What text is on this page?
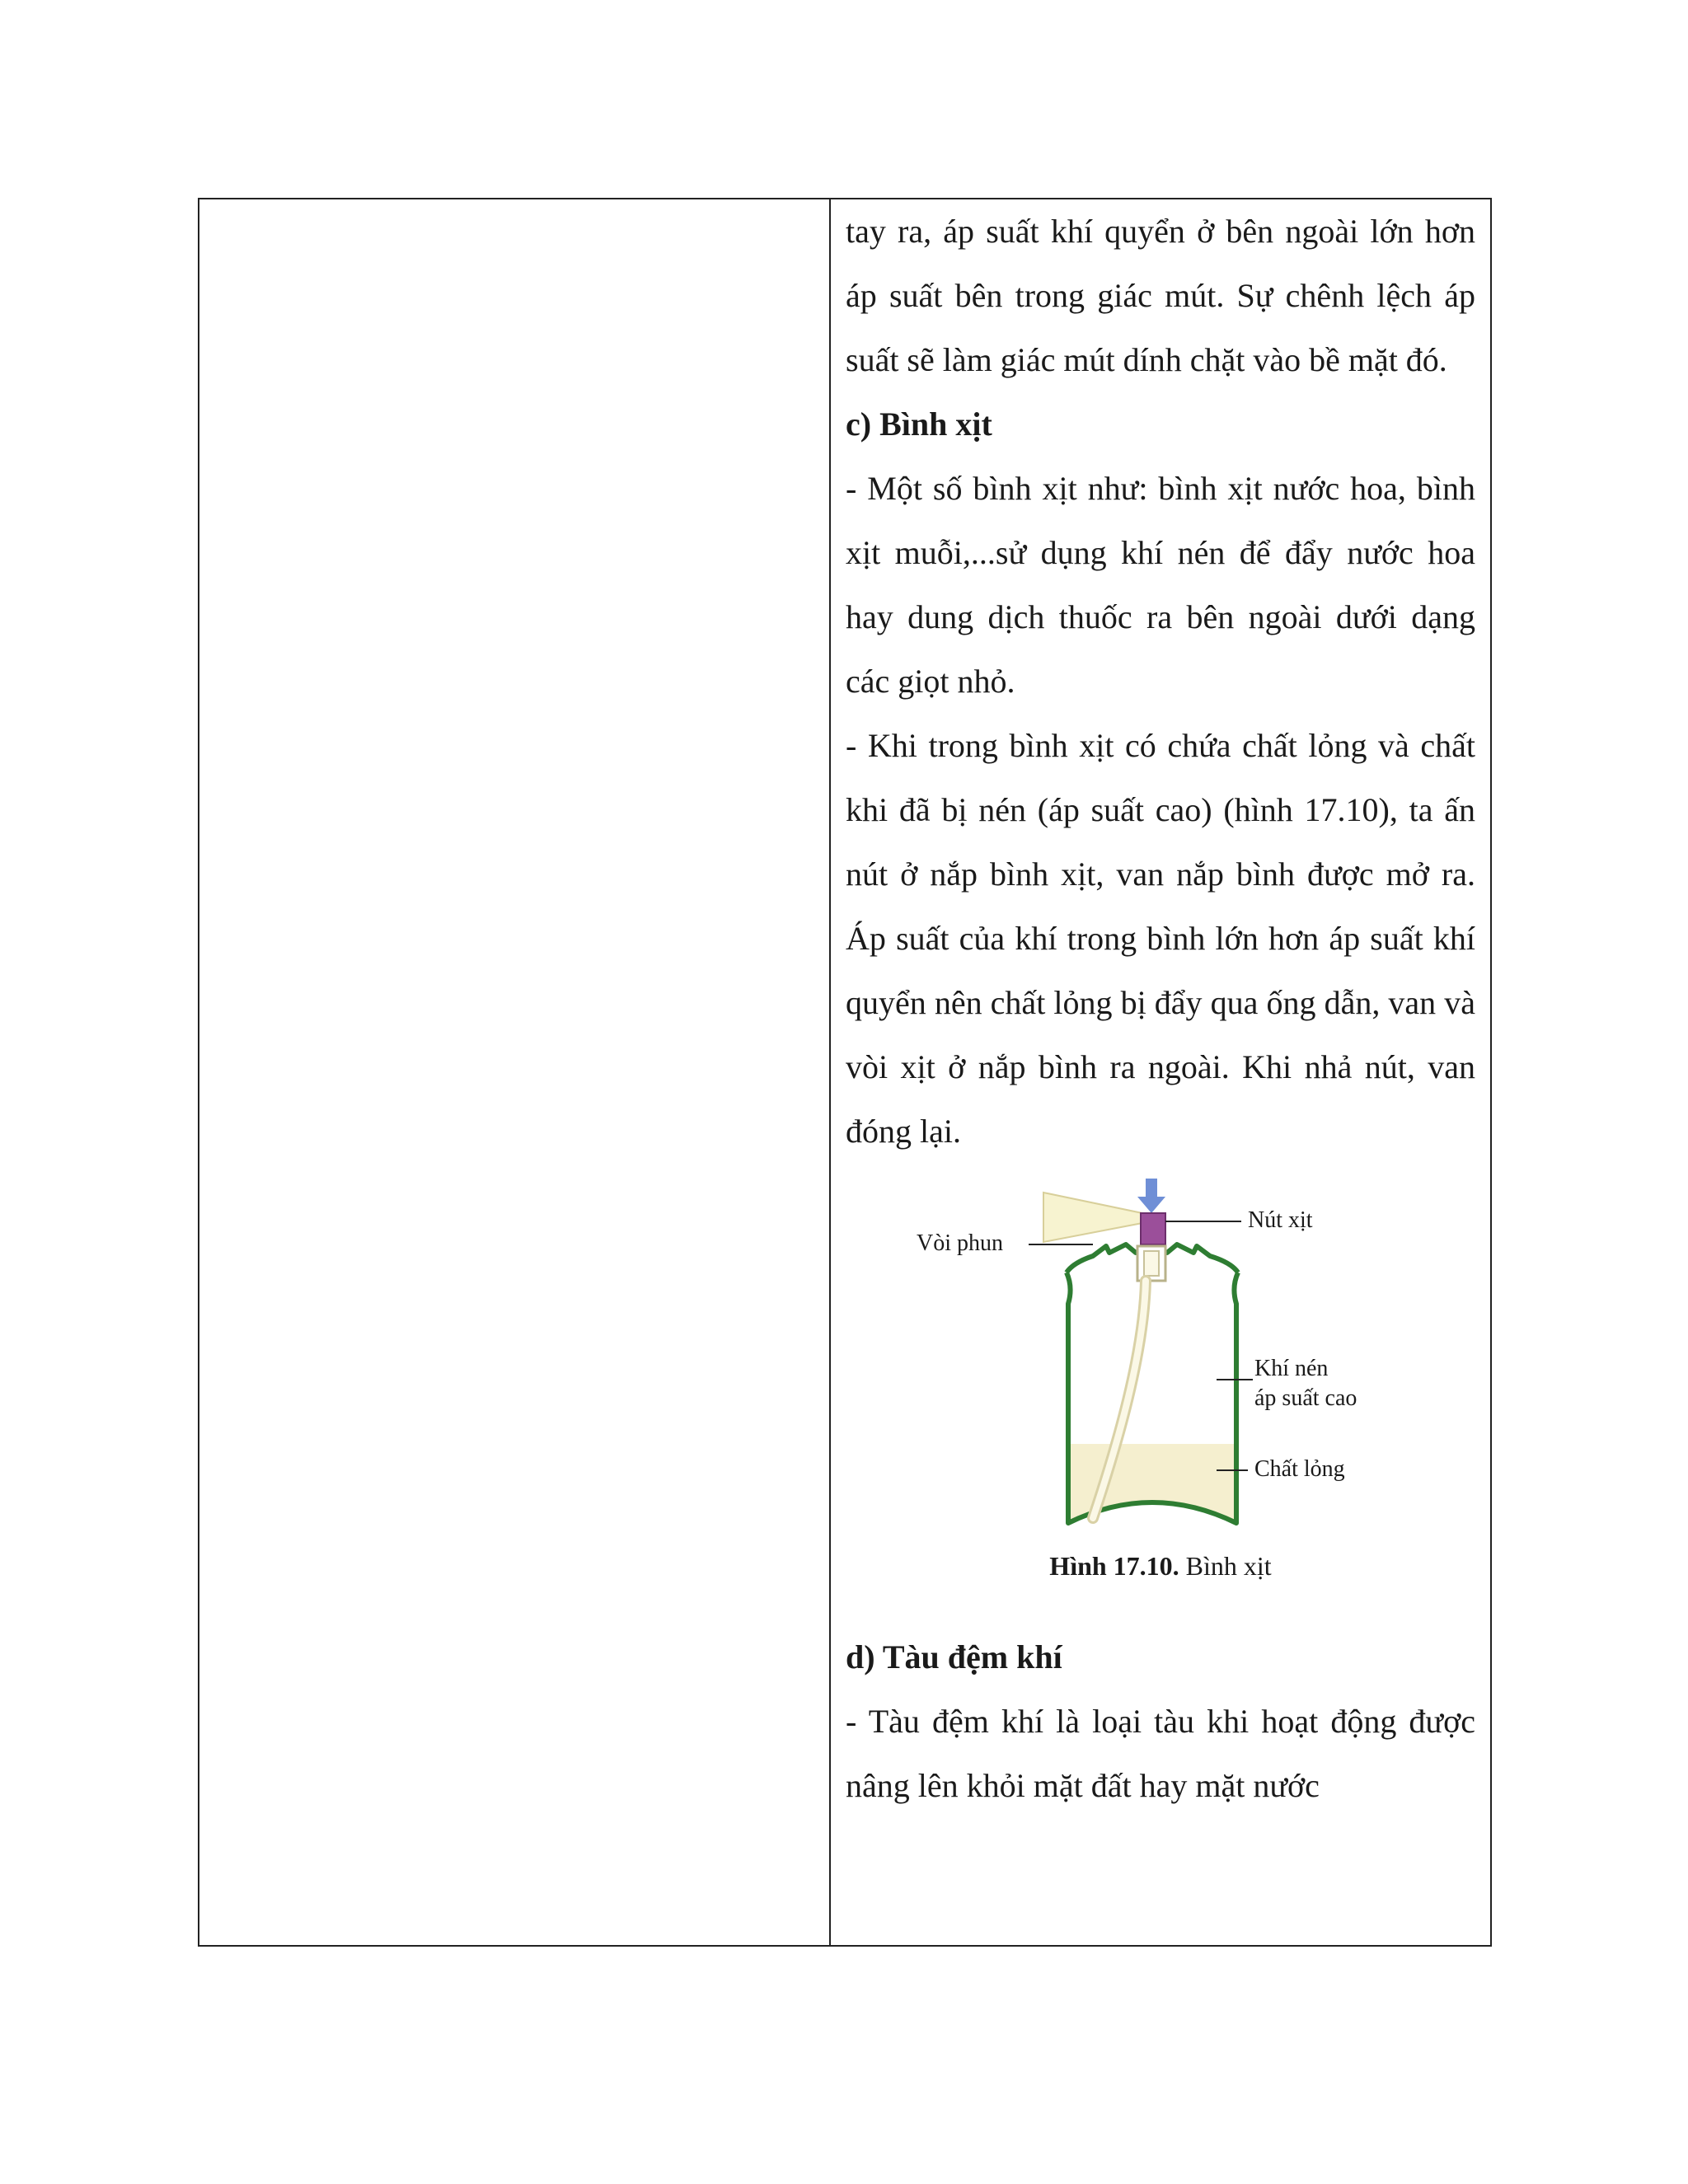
tay ra, áp suất khí quyển ở bên ngoài lớn hơn áp suất bên trong giác mút. Sự chênh lệch áp suất sẽ làm giác mút dính chặt vào bề mặt đó.

c) Bình xịt

- Một số bình xịt như: bình xịt nước hoa, bình xịt muỗi,...sử dụng khí nén để đẩy nước hoa hay dung dịch thuốc ra bên ngoài dưới dạng các giọt nhỏ.

- Khi trong bình xịt có chứa chất lỏng và chất khi đã bị nén (áp suất cao) (hình 17.10), ta ấn nút ở nắp bình xịt, van nắp bình được mở ra. Áp suất của khí trong bình lớn hơn áp suất khí quyển nên chất lỏng bị đẩy qua ống dẫn, van và vòi xịt ở nắp bình ra ngoài. Khi nhả nút, van đóng lại.

Vòi phun
Nút xịt
Khí nén
áp suất cao
Chất lỏng
Hình 17.10. Bình xịt

d) Tàu đệm khí

- Tàu đệm khí là loại tàu khi hoạt động được nâng lên khỏi mặt đất hay mặt nước
